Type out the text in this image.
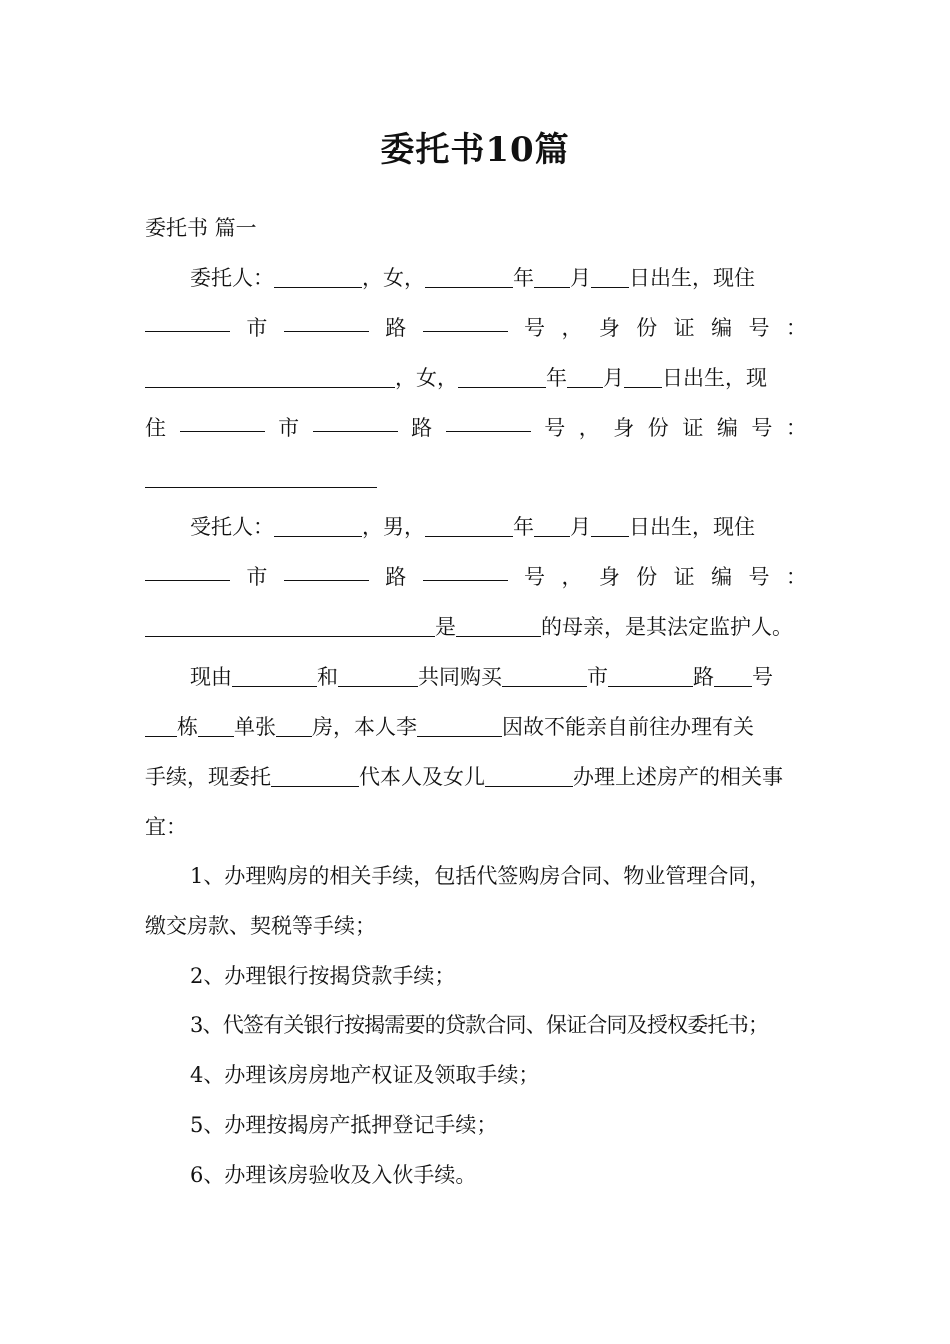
委托书10篇
委托书 篇一
委托人：	，女，	年 月 日出生，现住
市	路	号 ， 身 份 证 编 号 ：
，女，	年 月 日出生，现
住	市	路	号 ， 身 份 证 编 号 ：
受托人：	，男，	年 月 日出生，现住
市	路	号 ， 身 份 证 编 号 ：
是	的母亲，是其法定监护人。
现由	和	共同购买	市	路 号
栋 单张 房，本人李	因故不能亲自前往办理有关
手续，现委托	代本人及女儿	办理上述房产的相关事
宜：
1、办理购房的相关手续，包括代签购房合同、物业管理合同，
缴交房款、契税等手续；
2、办理银行按揭贷款手续；
3、代签有关银行按揭需要的贷款合同、保证合同及授权委托书；
4、办理该房房地产权证及领取手续；
5、办理按揭房产抵押登记手续；
6、办理该房验收及入伙手续。
